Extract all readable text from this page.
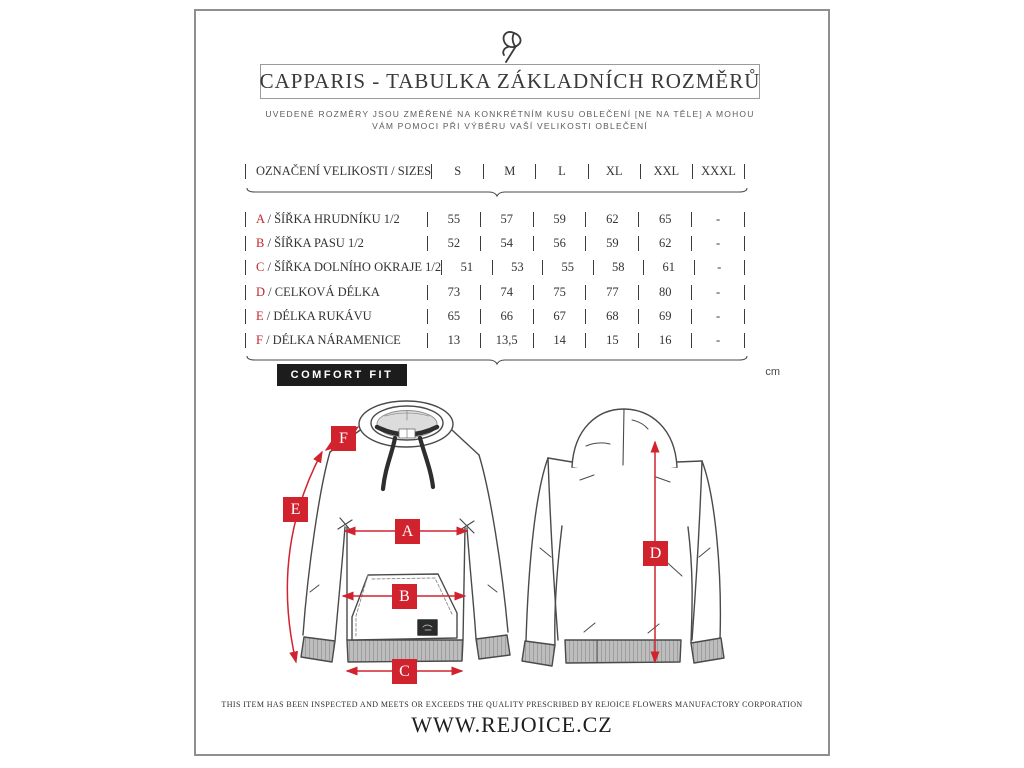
CAPPARIS - TABULKA ZÁKLADNÍCH ROZMĚRŮ
UVEDENÉ ROZMĚRY JSOU ZMĚŘENÉ NA KONKRÉTNÍM KUSU OBLEČENÍ [NE NA TĚLE] A MOHOU
VÁM POMOCI PŘI VÝBĚRU VAŠÍ VELIKOSTI OBLEČENÍ
OZNAČENÍ VELIKOSTI / SIZES	S	M	L	XL	XXL	XXXL
A / ŠÍŘKA HRUDNÍKU 1/2	55	57	59	62	65	-
B / ŠÍŘKA PASU 1/2	52	54	56	59	62	-
C / ŠÍŘKA DOLNÍHO OKRAJE 1/2	51	53	55	58	61	-
D / CELKOVÁ DÉLKA	73	74	75	77	80	-
E / DÉLKA RUKÁVU	65	66	67	68	69	-
F / DÉLKA NÁRAMENICE	13	13,5	14	15	16	-
COMFORT FIT	cm
A
B
C
D
E
F
THIS ITEM HAS BEEN INSPECTED AND MEETS OR EXCEEDS THE QUALITY PRESCRIBED BY REJOICE FLOWERS MANUFACTORY CORPORATION
WWW.REJOICE.CZ
